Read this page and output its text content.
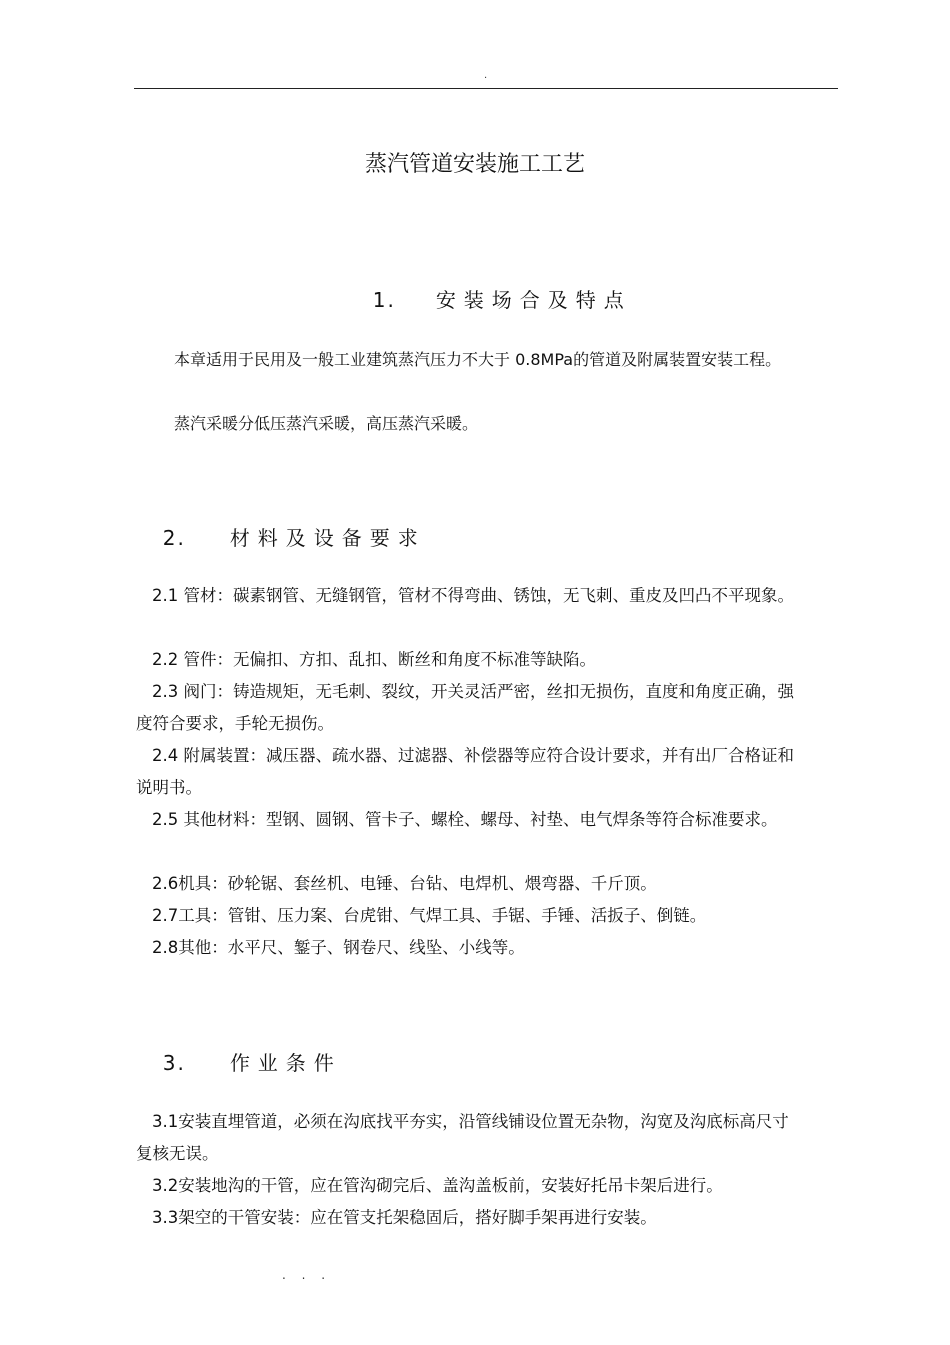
.
蒸汽管道安装施工工艺

1. 安装场合及特点

本章适用于民用及一般工业建筑蒸汽压力不大于 0.8MPa的管道及附属装置安装工程。

蒸汽采暖分低压蒸汽采暖，高压蒸汽采暖。

2. 材料及设备要求

2.1 管材：碳素钢管、无缝钢管，管材不得弯曲、锈蚀，无飞刺、重皮及凹凸不平现象。

2.2 管件：无偏扣、方扣、乱扣、断丝和角度不标准等缺陷。

2.3 阀门：铸造规矩，无毛刺、裂纹，开关灵活严密，丝扣无损伤，直度和角度正确，强度符合要求，手轮无损伤。

2.4 附属装置：减压器、疏水器、过滤器、补偿器等应符合设计要求，并有出厂合格证和说明书。

2.5 其他材料：型钢、圆钢、管卡子、螺栓、螺母、衬垫、电气焊条等符合标准要求。

2.6机具：砂轮锯、套丝机、电锤、台钻、电焊机、煨弯器、千斤顶。

2.7工具：管钳、压力案、台虎钳、气焊工具、手锯、手锤、活扳子、倒链。

2.8其他：水平尺、錾子、钢卷尺、线坠、小线等。

3. 作业条件

3.1安装直埋管道，必须在沟底找平夯实，沿管线铺设位置无杂物，沟宽及沟底标高尺寸复核无误。

3.2安装地沟的干管，应在管沟砌完后、盖沟盖板前，安装好托吊卡架后进行。

3.3架空的干管安装：应在管支托架稳固后，搭好脚手架再进行安装。

. . .
